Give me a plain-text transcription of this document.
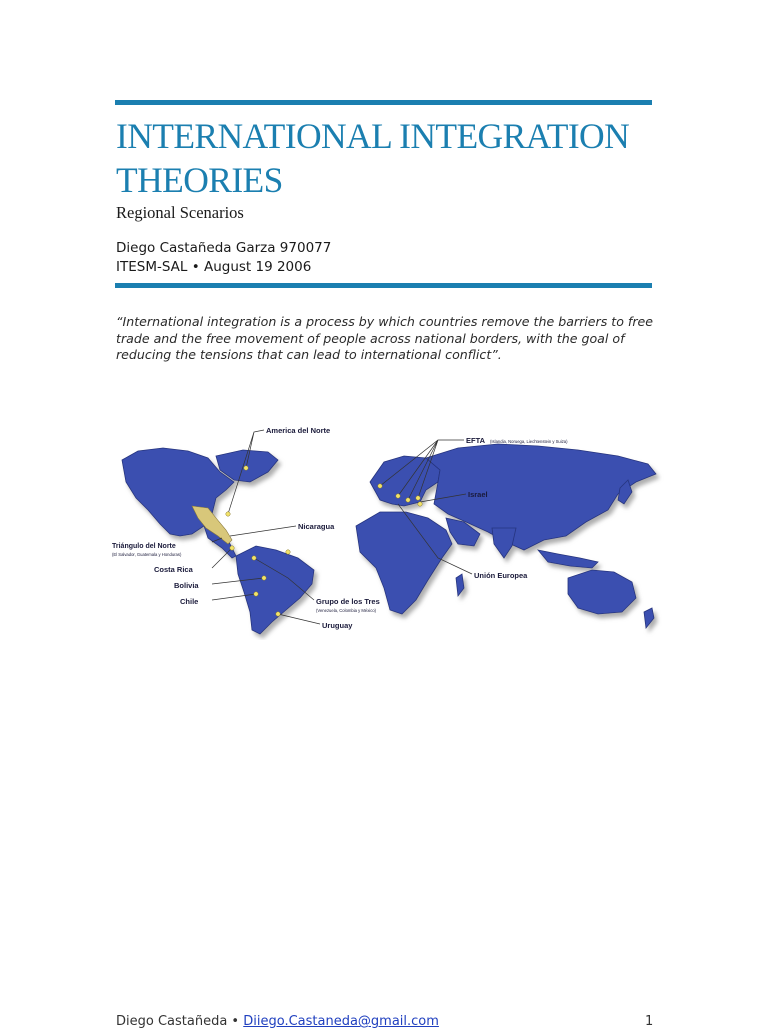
INTERNATIONAL INTEGRATION
THEORIES
Regional Scenarios
Diego Castañeda Garza 970077
ITESM-SAL • August 19 2006
“International integration is a process by which countries remove the barriers to free trade and the free movement of people across national borders, with the goal of reducing the tensions that can lead to international conflict”.
America del Norte
EFTA (Islandia, Noruega, Liechtenstein y Suiza)
Israel
Nicaragua
Triángulo del Norte
(El Salvador, Guatemala y Honduras)
Costa Rica
Bolivia
Chile	Grupo de los Tres
(Venezuela, Colombia y México)
Uruguay
Unión Europea
Diego Castañeda • Diiego.Castaneda@gmail.com	1
